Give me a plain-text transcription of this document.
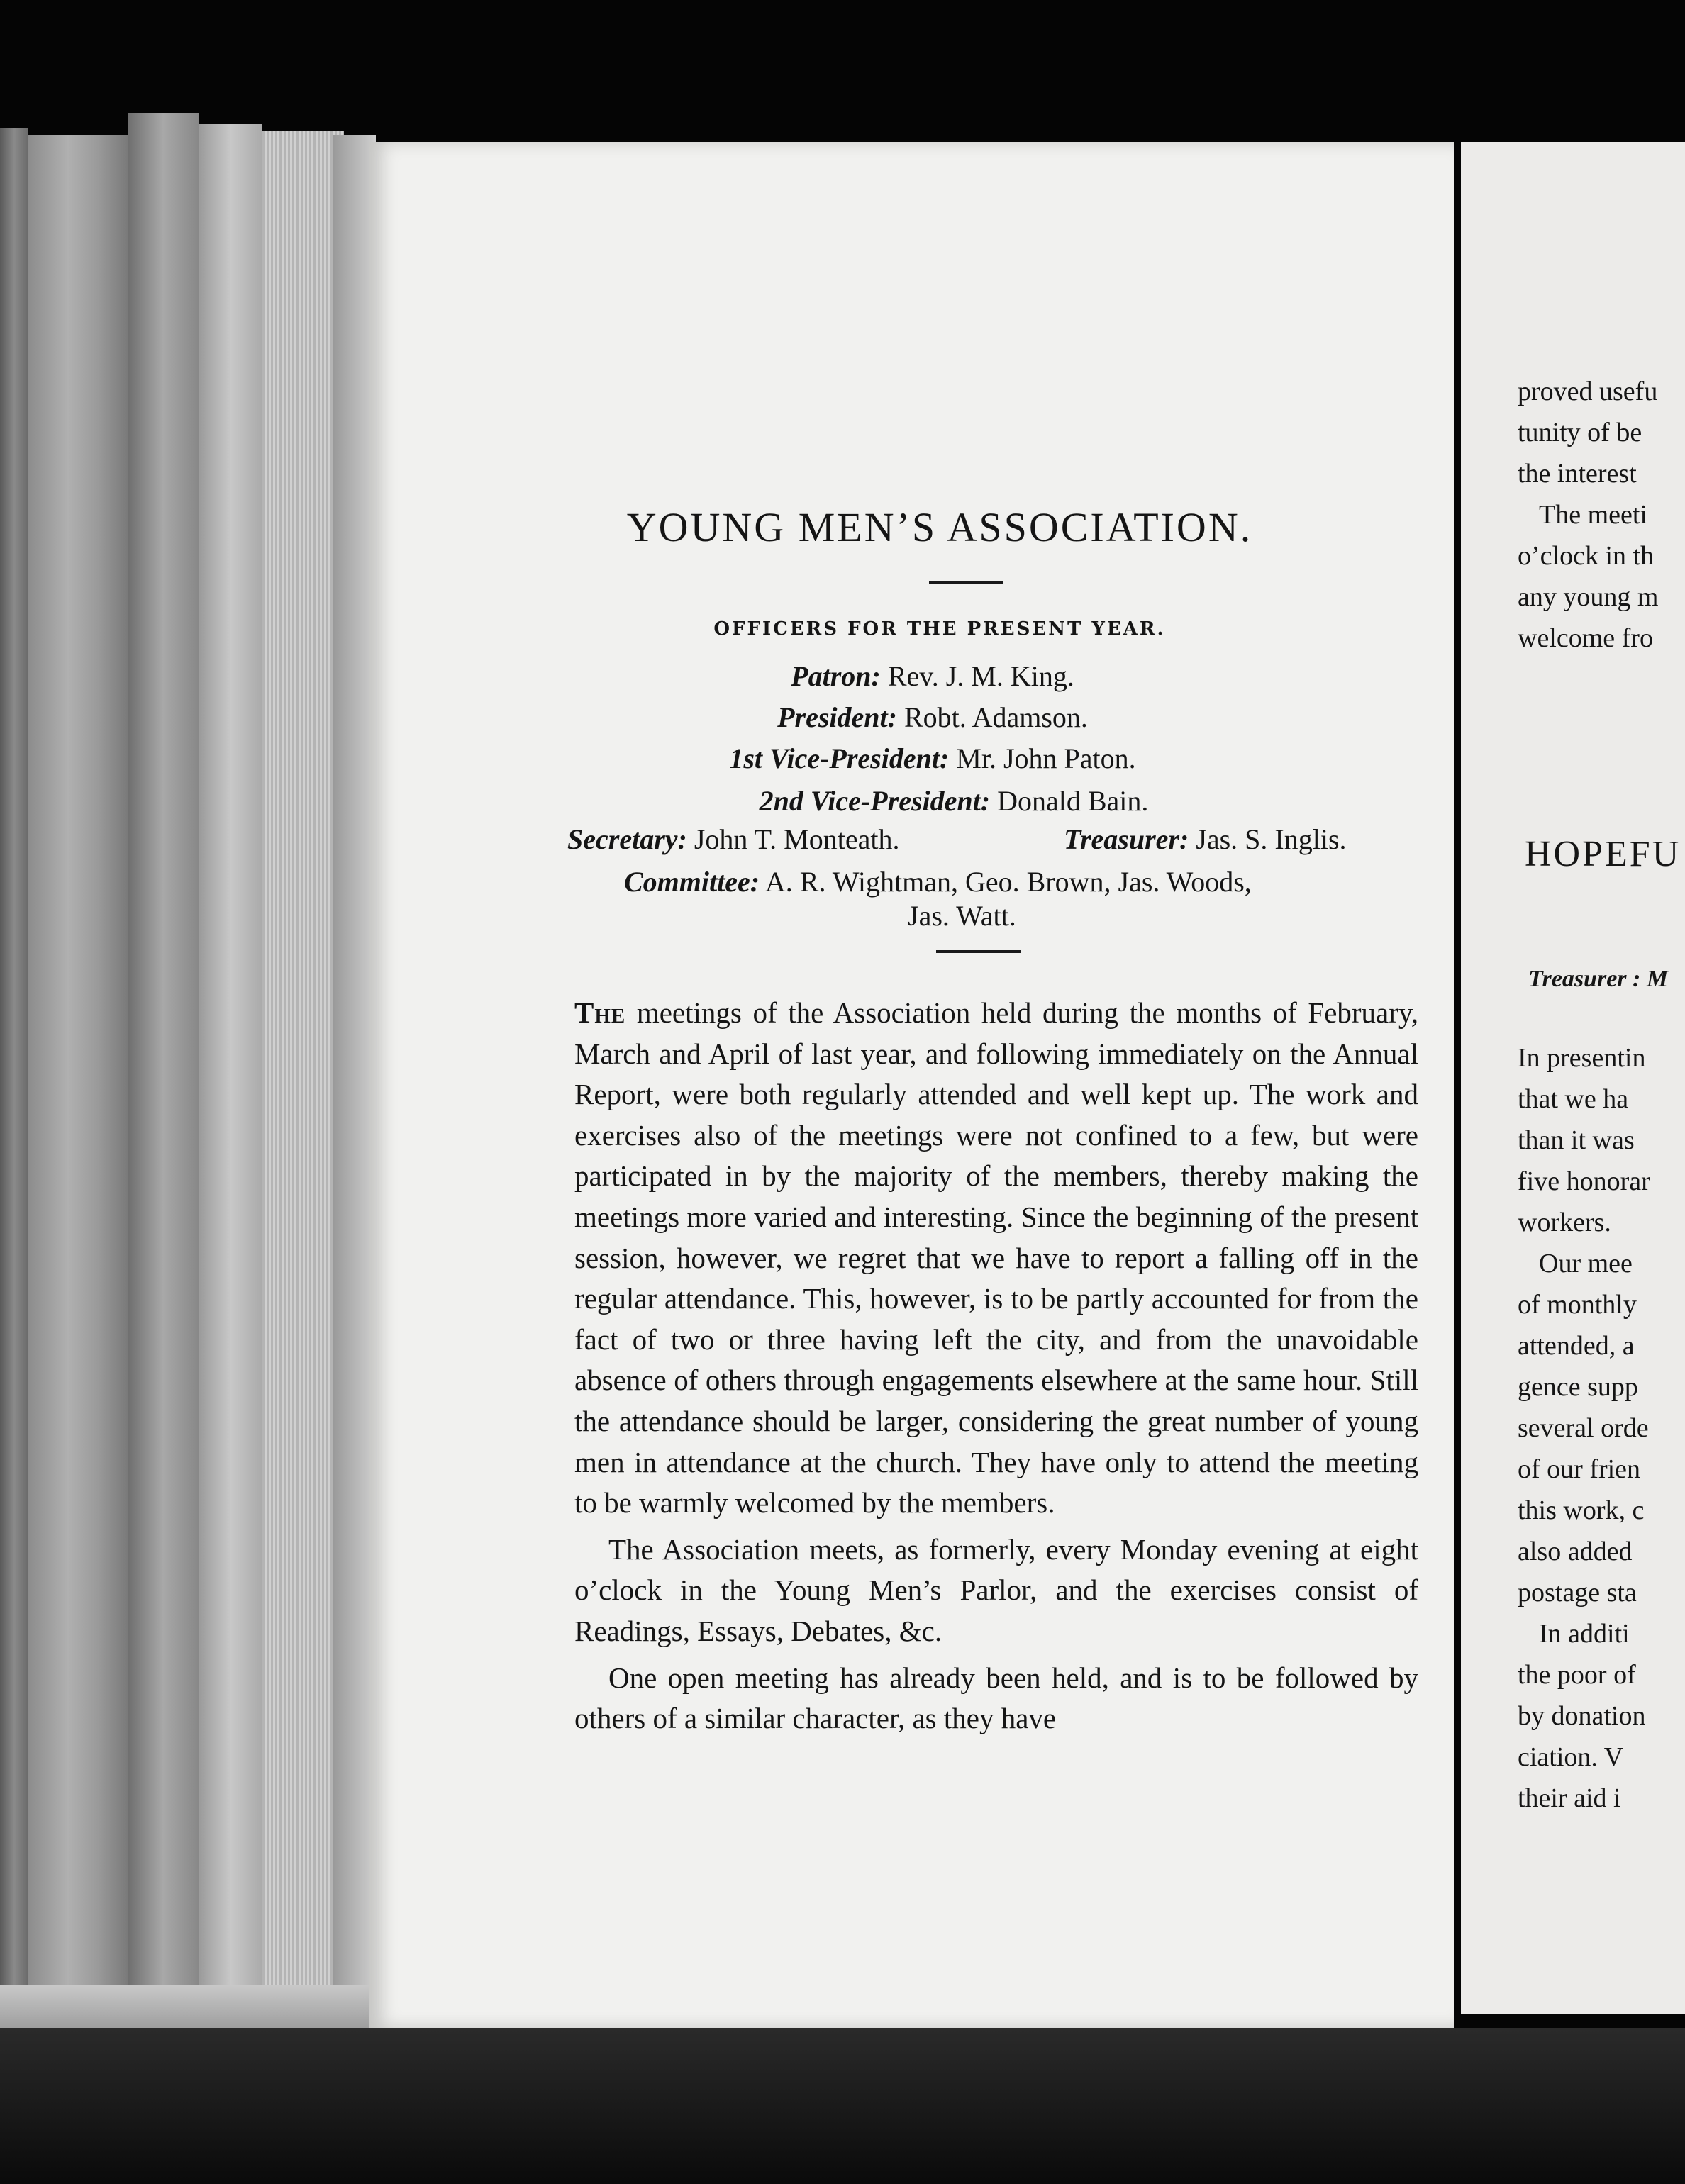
YOUNG MEN’S ASSOCIATION.
OFFICERS FOR THE PRESENT YEAR.
Patron: Rev. J. M. King.
President: Robt. Adamson.
1st Vice-President: Mr. John Paton.
2nd Vice-President: Donald Bain.
Secretary: John T. Monteath.	Treasurer: Jas. S. Inglis.
Committee: A. R. Wightman, Geo. Brown, Jas. Woods,
Jas. Watt.

The meetings of the Association held during the months of February, March and April of last year, and following immediately on the Annual Report, were both regularly attended and well kept up. The work and exercises also of the meetings were not confined to a few, but were participated in by the majority of the members, thereby making the meetings more varied and interesting. Since the beginning of the present session, however, we regret that we have to report a falling off in the regular attendance. This, however, is to be partly accounted for from the fact of two or three having left the city, and from the unavoidable absence of others through engagements elsewhere at the same hour. Still the attendance should be larger, considering the great number of young men in attendance at the church. They have only to attend the meeting to be warmly welcomed by the members.

The Association meets, as formerly, every Monday evening at eight o’clock in the Young Men’s Parlor, and the exercises consist of Readings, Essays, Debates, &c.

One open meeting has already been held, and is to be followed by others of a similar character, as they have

proved usefu
tunity of be
the interest
The meeti
o’clock in th
any young m
welcome fro
HOPEFU
Treasurer : M
In presentin
that we ha
than it was
five honorar
workers.
Our mee
of monthly
attended, a
gence supp
several orde
of our frien
this work, c
also added
postage sta
In additi
the poor of
by donation
ciation. V
their aid i
